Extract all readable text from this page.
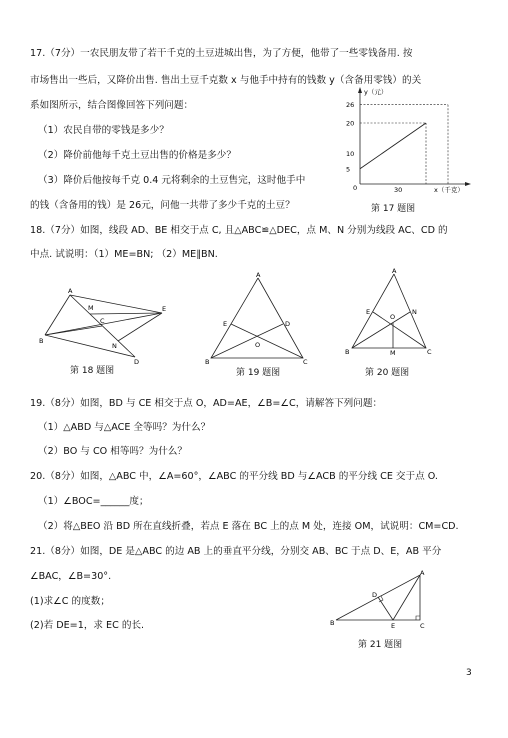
17.（7分）一农民朋友带了若干千克的土豆进城出售，为了方便，他带了一些零钱备用. 按
市场售出一些后，又降价出售. 售出土豆千克数 x 与他手中持有的钱数 y（含备用零钱）的关
系如图所示，结合图像回答下列问题：
（1）农民自带的零钱是多少？
（2）降价前他每千克土豆出售的价格是多少？
（3）降价后他按每千克 0.4 元将剩余的土豆售完，这时他手中
的钱（含备用的钱）是 26元，问他一共带了多少千克的土豆？
y（元）
x（千克）
0
26
20
10
5
30
第 17 题图
18.（7分）如图，线段 AD、BE 相交于点 C, 且△ABC≌△DEC，点 M、N 分别为线段 AC、CD 的
中点. 试说明：（1）ME=BN; （2）ME∥BN.
A
M
C
E
B
N
D
第 18 题图
A
E	D
O
B	C
第 19 题图
A
E	N
O
B	M	C
第 20 题图
19.（8分）如图，BD 与 CE 相交于点 O，AD=AE，∠B=∠C，请解答下列问题：
（1）△ABD 与△ACE 全等吗？为什么？
（2）BO 与 CO 相等吗？为什么？
20.（8分）如图，△ABC 中，∠A=60°，∠ABC 的平分线 BD 与∠ACB 的平分线 CE 交于点 O.
（1）∠BOC=______度；
（2）将△BEO 沿 BD 所在直线折叠，若点 E 落在 BC 上的点 M 处，连接 OM，试说明：CM=CD.
21.（8分）如图，DE 是△ABC 的边 AB 上的垂直平分线，分别交 AB、BC 于点 D、E，AB 平分
∠BAC，∠B=30°.
(1)求∠C 的度数；
(2)若 DE=1，求 EC 的长.
A
D
B	E	C
第 21 题图
3
